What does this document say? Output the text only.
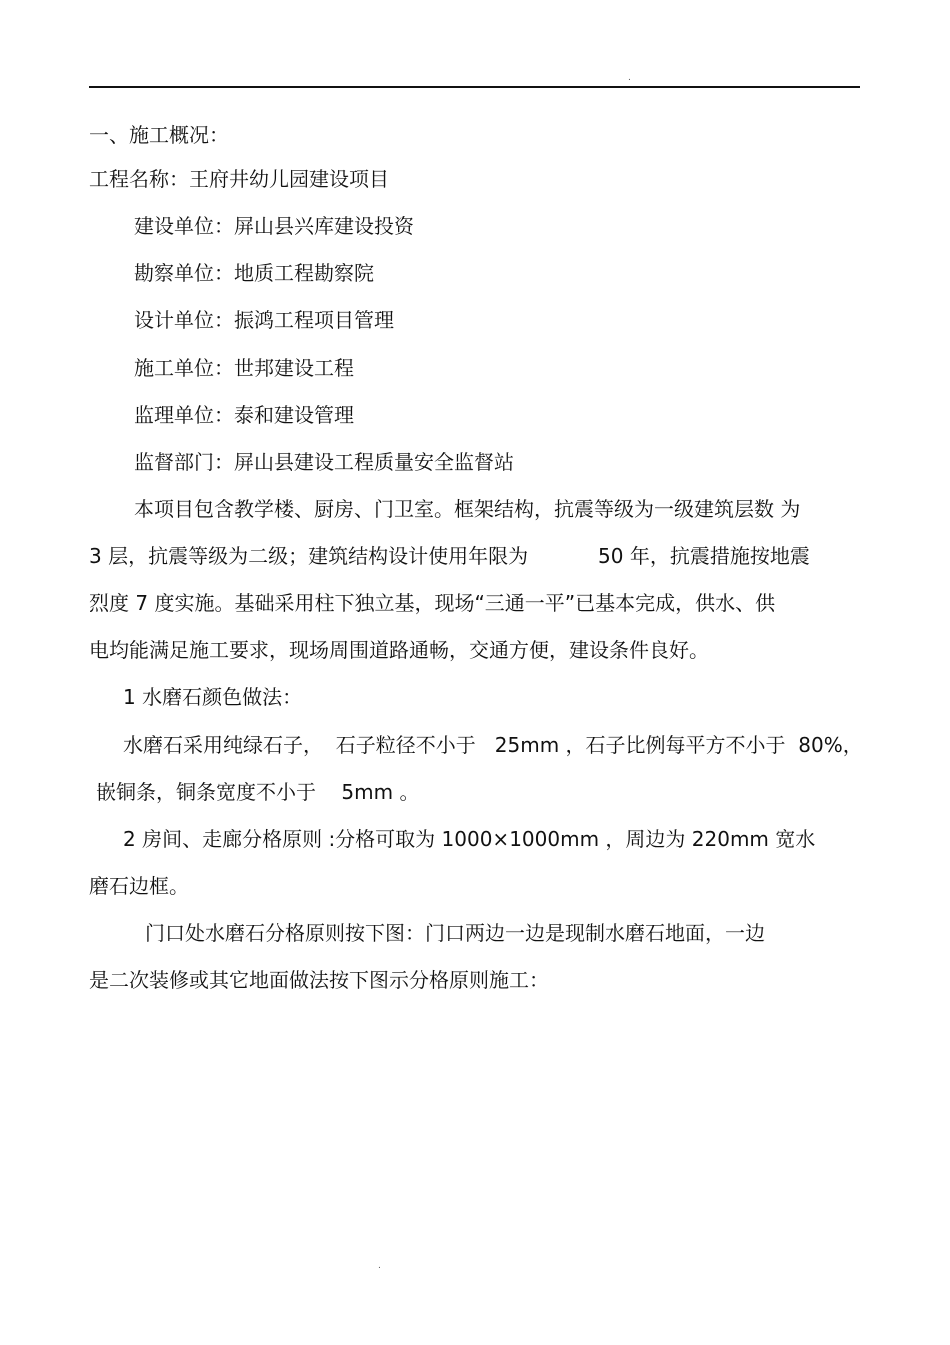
.
一、施工概况：
工程名称：王府井幼儿园建设项目
建设单位：屏山县兴库建设投资
勘察单位：地质工程勘察院
设计单位：振鸿工程项目管理
施工单位：世邦建设工程
监理单位：泰和建设管理
监督部门：屏山县建设工程质量安全监督站
本项目包含教学楼、厨房、门卫室。框架结构，抗震等级为一级建筑层数 为
3 层，抗震等级为二级；建筑结构设计使用年限为           50 年，抗震措施按地震
烈度 7 度实施。基础采用柱下独立基，现场“三通一平”已基本完成，供水、供
电均能满足施工要求，现场周围道路通畅，交通方便，建设条件良好。
1 水磨石颜色做法：
水磨石采用纯绿石子，  石子粒径不小于   25mm ，石子比例每平方不小于  80%，
嵌铜条，铜条宽度不小于    5mm 。
2 房间、走廊分格原则 :分格可取为 1000×1000mm ，周边为 220mm 宽水
磨石边框。
门口处水磨石分格原则按下图：门口两边一边是现制水磨石地面，一边
是二次装修或其它地面做法按下图示分格原则施工：
.
